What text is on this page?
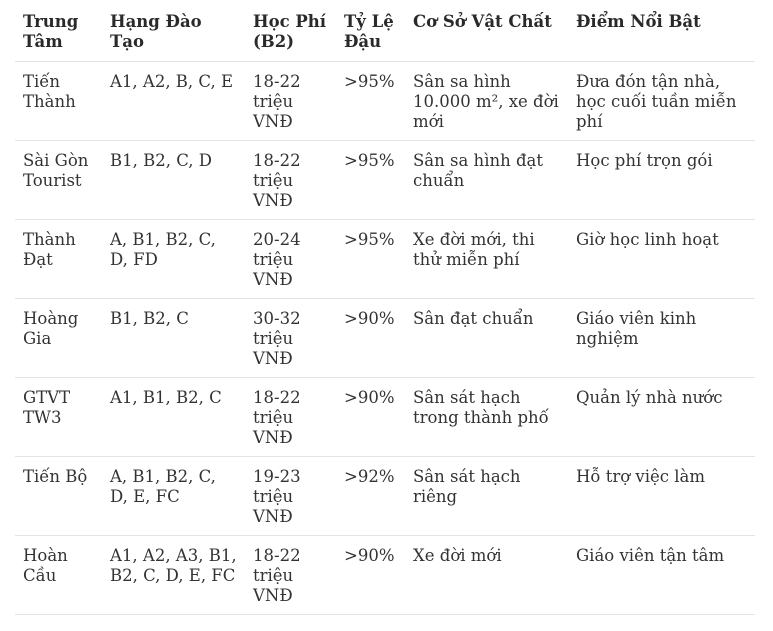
Trung Tâm	Hạng Đào Tạo	Học Phí (B2)	Tỷ Lệ Đậu	Cơ Sở Vật Chất	Điểm Nổi Bật
Tiến Thành	A1, A2, B, C, E	18-22 triệu VNĐ	>95%	Sân sa hình 10.000 m², xe đời mới	Đưa đón tận nhà, học cuối tuần miễn phí
Sài Gòn Tourist	B1, B2, C, D	18-22 triệu VNĐ	>95%	Sân sa hình đạt chuẩn	Học phí trọn gói
Thành Đạt	A, B1, B2, C, D, FD	20-24 triệu VNĐ	>95%	Xe đời mới, thi thử miễn phí	Giờ học linh hoạt
Hoàng Gia	B1, B2, C	30-32 triệu VNĐ	>90%	Sân đạt chuẩn	Giáo viên kinh nghiệm
GTVT TW3	A1, B1, B2, C	18-22 triệu VNĐ	>90%	Sân sát hạch trong thành phố	Quản lý nhà nước
Tiến Bộ	A, B1, B2, C, D, E, FC	19-23 triệu VNĐ	>92%	Sân sát hạch riêng	Hỗ trợ việc làm
Hoàn Cầu	A1, A2, A3, B1, B2, C, D, E, FC	18-22 triệu VNĐ	>90%	Xe đời mới	Giáo viên tận tâm
